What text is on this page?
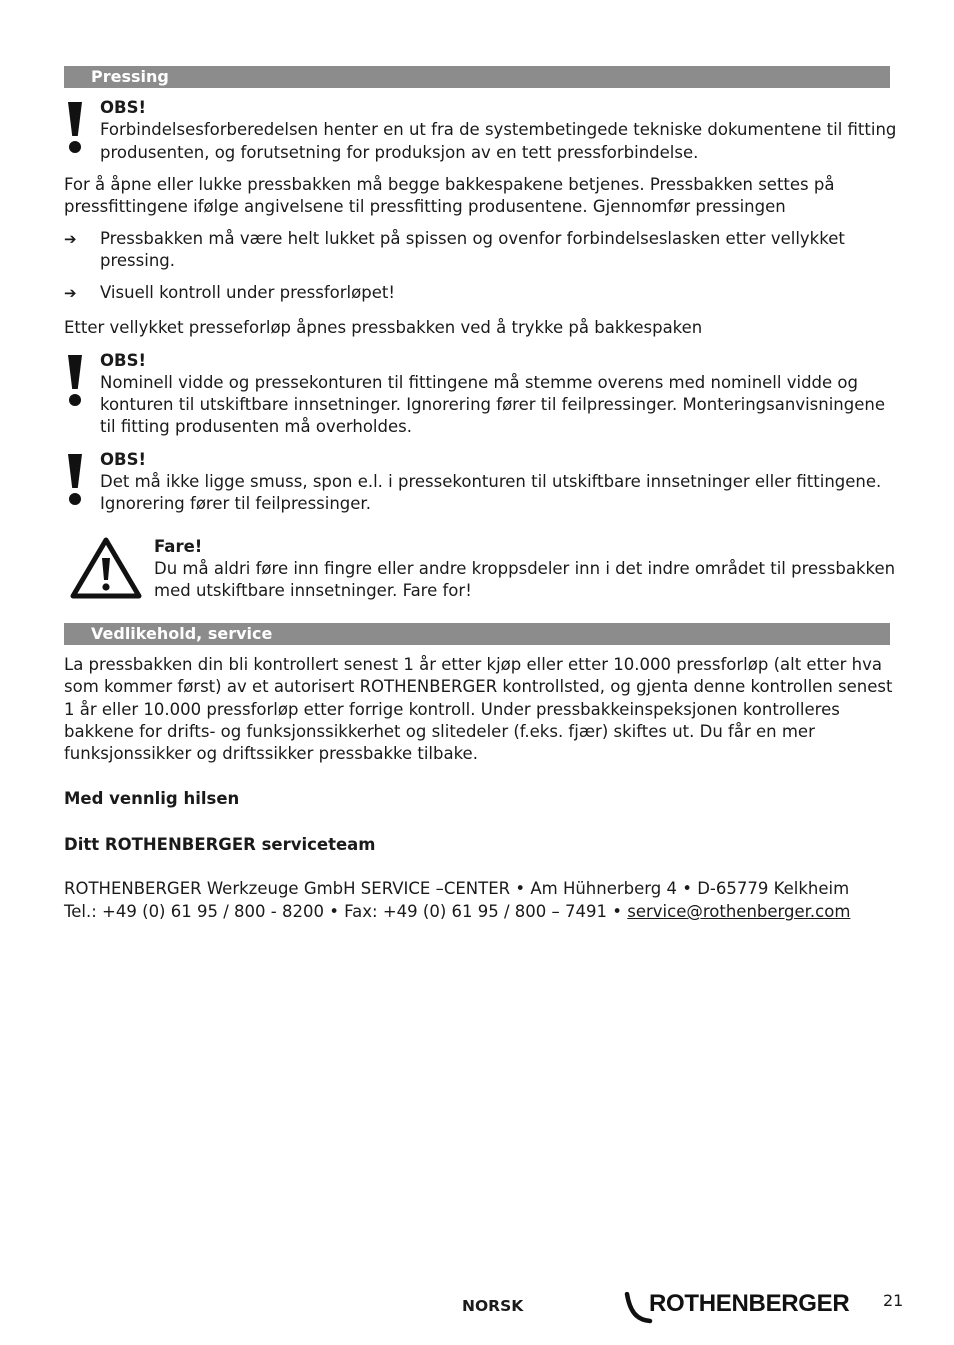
Pressing
OBS!
Forbindelsesforberedelsen henter en ut fra de systembetingede tekniske dokumentene til fitting
produsenten, og forutsetning for produksjon av en tett pressforbindelse.
For å åpne eller lukke pressbakken må begge bakkespakene betjenes. Pressbakken settes på
pressfittingene ifølge angivelsene til pressfitting produsentene. Gjennomfør pressingen
➔ Pressbakken må være helt lukket på spissen og ovenfor forbindelseslasken etter vellykket
pressing.
➔ Visuell kontroll under pressforløpet!
Etter vellykket presseforløp åpnes pressbakken ved å trykke på bakkespaken
OBS!
Nominell vidde og pressekonturen til fittingene må stemme overens med nominell vidde og
konturen til utskiftbare innsetninger. Ignorering fører til feilpressinger. Monteringsanvisningene
til fitting produsenten må overholdes.
OBS!
Det må ikke ligge smuss, spon e.l. i pressekonturen til utskiftbare innsetninger eller fittingene.
Ignorering fører til feilpressinger.
Fare!
Du må aldri føre inn fingre eller andre kroppsdeler inn i det indre området til pressbakken
med utskiftbare innsetninger. Fare for!
Vedlikehold, service
La pressbakken din bli kontrollert senest 1 år etter kjøp eller etter 10.000 pressforløp (alt etter hva
som kommer først) av et autorisert ROTHENBERGER kontrollsted, og gjenta denne kontrollen senest
1 år eller 10.000 pressforløp etter forrige kontroll. Under pressbakkeinspeksjonen kontrolleres
bakkene for drifts- og funksjonssikkerhet og slitedeler (f.eks. fjær) skiftes ut. Du får en mer
funksjonssikker og driftssikker pressbakke tilbake.
Med vennlig hilsen
Ditt ROTHENBERGER serviceteam
ROTHENBERGER Werkzeuge GmbH SERVICE –CENTER • Am Hühnerberg 4 • D-65779 Kelkheim
Tel.: +49 (0) 61 95 / 800 - 8200 • Fax: +49 (0) 61 95 / 800 – 7491 • service@rothenberger.com
NORSK	ROTHENBERGER 21
